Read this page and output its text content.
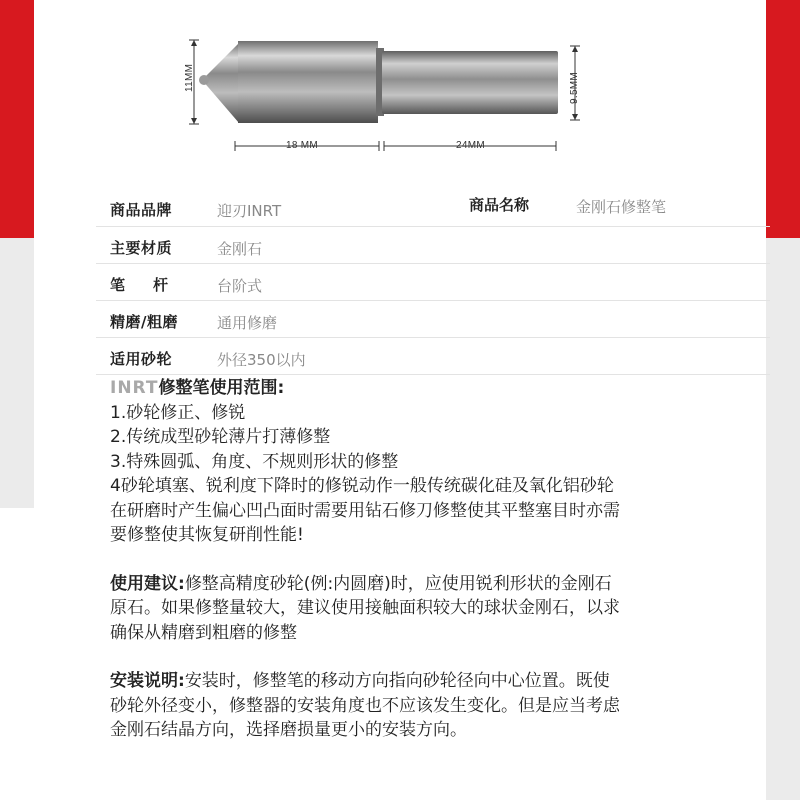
11MM	9.5MM
18 MM	24MM
商品品牌	迎刃INRT	商品名称	金刚石修整笔
主要材质	金刚石
笔杆 台阶式
精磨/粗磨	通用修磨
适用砂轮	外径350以内

INRT修整笔使用范围:

1.砂轮修正、修锐

2.传统成型砂轮薄片打薄修整

3.特殊圆弧、角度、不规则形状的修整

4砂轮填塞、锐利度下降时的修锐动作一般传统碳化硅及氧化铝砂轮

在研磨时产生偏心凹凸面时需要用钻石修刀修整使其平整塞目时亦需

要修整使其恢复研削性能!

使用建议:修整高精度砂轮(例:内圆磨)时，应使用锐利形状的金刚石

原石。如果修整量较大，建议使用接触面积较大的球状金刚石，以求

确保从精磨到粗磨的修整

安装说明:安装时，修整笔的移动方向指向砂轮径向中心位置。既使

砂轮外径变小，修整器的安装角度也不应该发生变化。但是应当考虑

金刚石结晶方向，选择磨损量更小的安装方向。
